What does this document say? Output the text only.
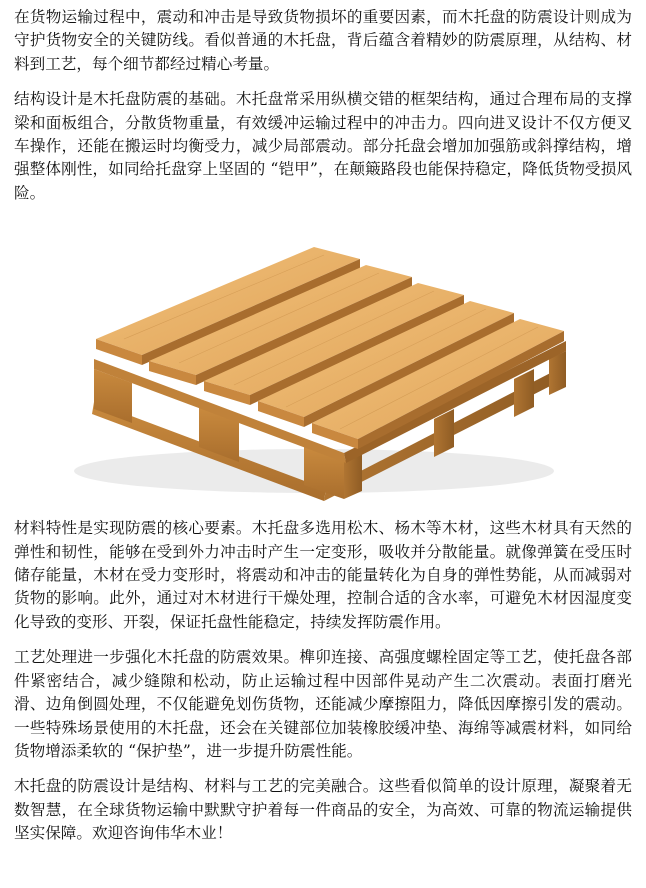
在货物运输过程中，震动和冲击是导致货物损坏的重要因素，而木托盘的防震设计则成为守护货物安全的关键防线。看似普通的木托盘，背后蕴含着精妙的防震原理，从结构、材料到工艺，每个细节都经过精心考量。

结构设计是木托盘防震的基础。木托盘常采用纵横交错的框架结构，通过合理布局的支撑梁和面板组合，分散货物重量，有效缓冲运输过程中的冲击力。四向进叉设计不仅方便叉车操作，还能在搬运时均衡受力，减少局部震动。部分托盘会增加加强筋或斜撑结构，增强整体刚性，如同给托盘穿上坚固的 “铠甲”，在颠簸路段也能保持稳定，降低货物受损风险。

材料特性是实现防震的核心要素。木托盘多选用松木、杨木等木材，这些木材具有天然的弹性和韧性，能够在受到外力冲击时产生一定变形，吸收并分散能量。就像弹簧在受压时储存能量，木材在受力变形时，将震动和冲击的能量转化为自身的弹性势能，从而减弱对货物的影响。此外，通过对木材进行干燥处理，控制合适的含水率，可避免木材因湿度变化导致的变形、开裂，保证托盘性能稳定，持续发挥防震作用。

工艺处理进一步强化木托盘的防震效果。榫卯连接、高强度螺栓固定等工艺，使托盘各部件紧密结合，减少缝隙和松动，防止运输过程中因部件晃动产生二次震动。表面打磨光滑、边角倒圆处理，不仅能避免划伤货物，还能减少摩擦阻力，降低因摩擦引发的震动。一些特殊场景使用的木托盘，还会在关键部位加装橡胶缓冲垫、海绵等减震材料，如同给货物增添柔软的 “保护垫”，进一步提升防震性能。

木托盘的防震设计是结构、材料与工艺的完美融合。这些看似简单的设计原理，凝聚着无数智慧，在全球货物运输中默默守护着每一件商品的安全，为高效、可靠的物流运输提供坚实保障。欢迎咨询伟华木业！
